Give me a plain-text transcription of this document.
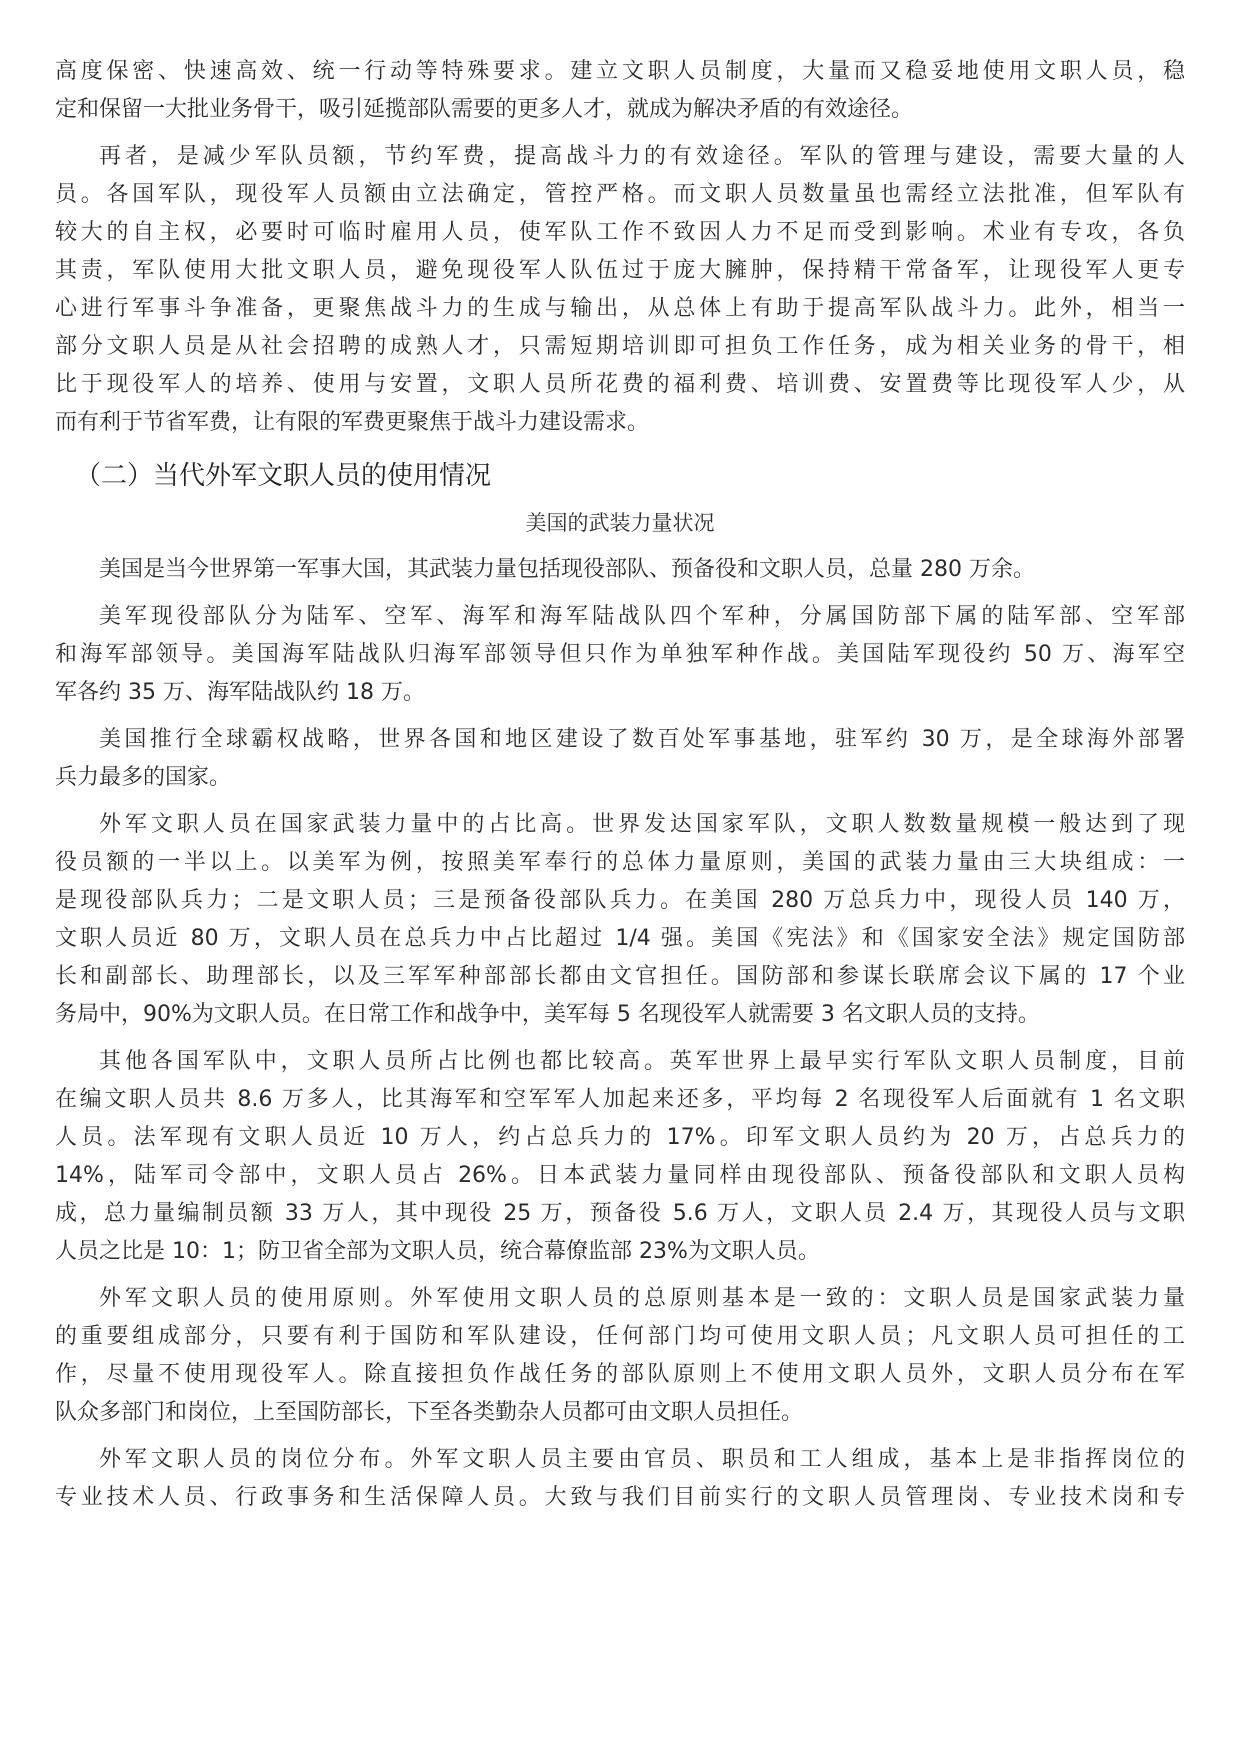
高度保密、快速高效、统一行动等特殊要求。建立文职人员制度，大量而又稳妥地使用文职人员，稳
定和保留一大批业务骨干，吸引延揽部队需要的更多人才，就成为解决矛盾的有效途径。
再者，是减少军队员额，节约军费，提高战斗力的有效途径。军队的管理与建设，需要大量的人
员。各国军队，现役军人员额由立法确定，管控严格。而文职人员数量虽也需经立法批准，但军队有
较大的自主权，必要时可临时雇用人员，使军队工作不致因人力不足而受到影响。术业有专攻，各负
其责，军队使用大批文职人员，避免现役军人队伍过于庞大臃肿，保持精干常备军，让现役军人更专
心进行军事斗争准备，更聚焦战斗力的生成与输出，从总体上有助于提高军队战斗力。此外，相当一
部分文职人员是从社会招聘的成熟人才，只需短期培训即可担负工作任务，成为相关业务的骨干，相
比于现役军人的培养、使用与安置，文职人员所花费的福利费、培训费、安置费等比现役军人少，从
而有利于节省军费，让有限的军费更聚焦于战斗力建设需求。
（二）当代外军文职人员的使用情况
美国的武装力量状况
美国是当今世界第一军事大国，其武装力量包括现役部队、预备役和文职人员，总量 280 万余。
美军现役部队分为陆军、空军、海军和海军陆战队四个军种，分属国防部下属的陆军部、空军部
和海军部领导。美国海军陆战队归海军部领导但只作为单独军种作战。美国陆军现役约 50 万、海军空
军各约 35 万、海军陆战队约 18 万。
美国推行全球霸权战略，世界各国和地区建设了数百处军事基地，驻军约 30 万，是全球海外部署
兵力最多的国家。
外军文职人员在国家武装力量中的占比高。世界发达国家军队，文职人数数量规模一般达到了现
役员额的一半以上。以美军为例，按照美军奉行的总体力量原则，美国的武装力量由三大块组成：一
是现役部队兵力；二是文职人员；三是预备役部队兵力。在美国 280 万总兵力中，现役人员 140 万，
文职人员近 80 万，文职人员在总兵力中占比超过 1/4 强。美国《宪法》和《国家安全法》规定国防部
长和副部长、助理部长，以及三军军种部部长都由文官担任。国防部和参谋长联席会议下属的 17 个业
务局中，90%为文职人员。在日常工作和战争中，美军每 5 名现役军人就需要 3 名文职人员的支持。
其他各国军队中，文职人员所占比例也都比较高。英军世界上最早实行军队文职人员制度，目前
在编文职人员共 8.6 万多人，比其海军和空军军人加起来还多，平均每 2 名现役军人后面就有 1 名文职
人员。法军现有文职人员近 10 万人，约占总兵力的 17%。印军文职人员约为 20 万，占总兵力的
14%，陆军司令部中，文职人员占 26%。日本武装力量同样由现役部队、预备役部队和文职人员构
成，总力量编制员额 33 万人，其中现役 25 万，预备役 5.6 万人，文职人员 2.4 万，其现役人员与文职
人员之比是 10：1；防卫省全部为文职人员，统合幕僚监部 23%为文职人员。
外军文职人员的使用原则。外军使用文职人员的总原则基本是一致的：文职人员是国家武装力量
的重要组成部分，只要有利于国防和军队建设，任何部门均可使用文职人员；凡文职人员可担任的工
作，尽量不使用现役军人。除直接担负作战任务的部队原则上不使用文职人员外，文职人员分布在军
队众多部门和岗位，上至国防部长，下至各类勤杂人员都可由文职人员担任。
外军文职人员的岗位分布。外军文职人员主要由官员、职员和工人组成，基本上是非指挥岗位的
专业技术人员、行政事务和生活保障人员。大致与我们目前实行的文职人员管理岗、专业技术岗和专
